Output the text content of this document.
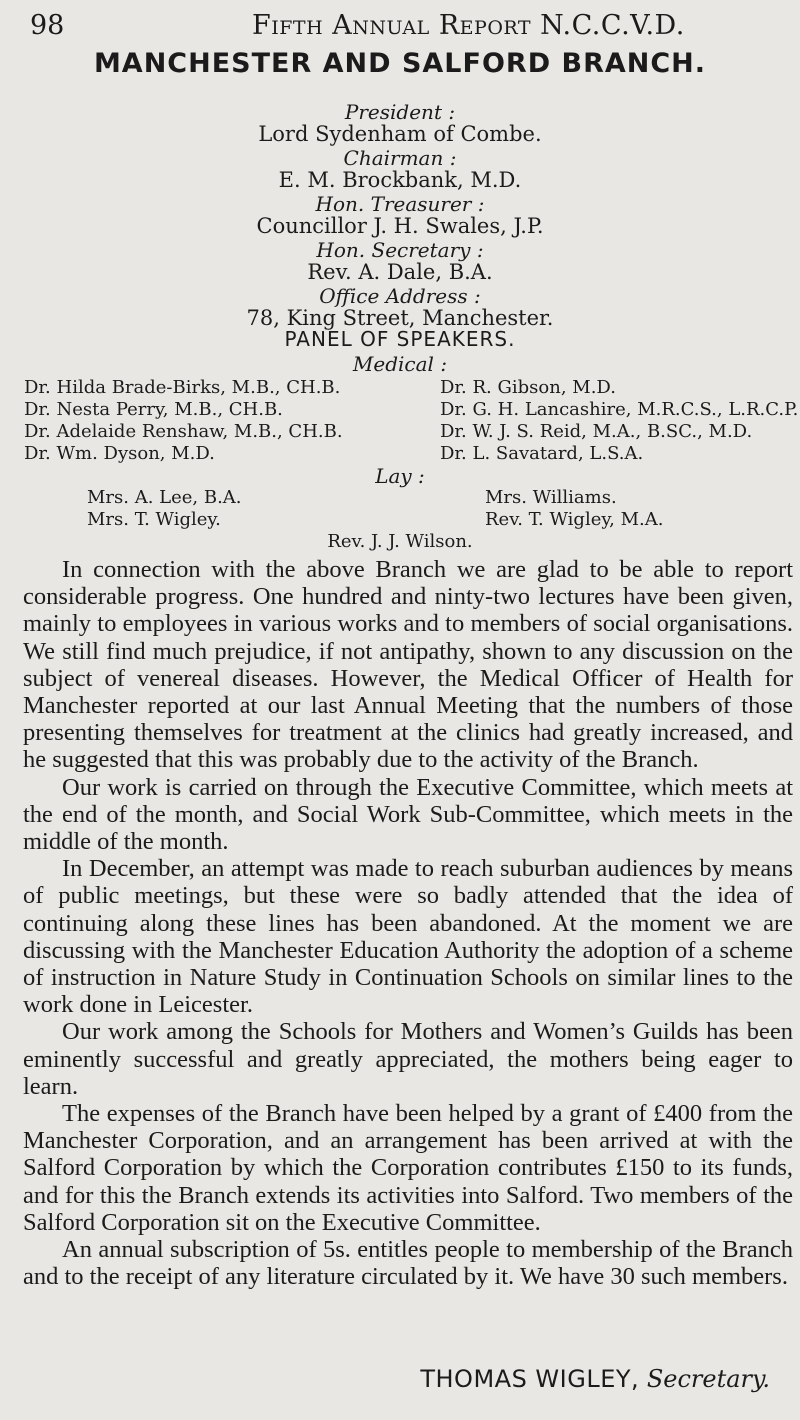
98	Fifth Annual Report N.C.C.V.D.
MANCHESTER AND SALFORD BRANCH.
President :
Lord Sydenham of Combe.
Chairman :
E. M. Brockbank, M.D.
Hon. Treasurer :
Councillor J. H. Swales, J.P.
Hon. Secretary :
Rev. A. Dale, B.A.
Office Address :
78, King Street, Manchester.
PANEL OF SPEAKERS.
Medical :
Dr. Hilda Brade-Birks, M.B., CH.B.
Dr. Nesta Perry, M.B., CH.B.
Dr. Adelaide Renshaw, M.B., CH.B.
Dr. Wm. Dyson, M.D.
Dr. R. Gibson, M.D.
Dr. G. H. Lancashire, M.R.C.S., L.R.C.P.
Dr. W. J. S. Reid, M.A., B.SC., M.D.
Dr. L. Savatard, L.S.A.
Lay :
Mrs. A. Lee, B.A.
Mrs. T. Wigley.
Mrs. Williams.
Rev. T. Wigley, M.A.
Rev. J. J. Wilson.

In connection with the above Branch we are glad to be able to report considerable progress. One hundred and ninty-two lectures have been given, mainly to employees in various works and to members of social organisations. We still find much prejudice, if not antipathy, shown to any discussion on the subject of venereal diseases. However, the Medical Officer of Health for Manchester reported at our last Annual Meeting that the numbers of those presenting themselves for treatment at the clinics had greatly increased, and he suggested that this was probably due to the activity of the Branch.

Our work is carried on through the Executive Committee, which meets at the end of the month, and Social Work Sub-Committee, which meets in the middle of the month.

In December, an attempt was made to reach suburban audiences by means of public meetings, but these were so badly attended that the idea of continuing along these lines has been abandoned. At the moment we are discussing with the Manchester Education Authority the adoption of a scheme of instruction in Nature Study in Continuation Schools on similar lines to the work done in Leicester.

Our work among the Schools for Mothers and Women’s Guilds has been eminently successful and greatly appreciated, the mothers being eager to learn.

The expenses of the Branch have been helped by a grant of £400 from the Manchester Corporation, and an arrangement has been arrived at with the Salford Corporation by which the Corporation contributes £150 to its funds, and for this the Branch extends its activities into Salford. Two members of the Salford Corporation sit on the Executive Committee.

An annual subscription of 5s. entitles people to membership of the Branch and to the receipt of any literature circulated by it. We have 30 such members.

THOMAS WIGLEY, Secretary.
